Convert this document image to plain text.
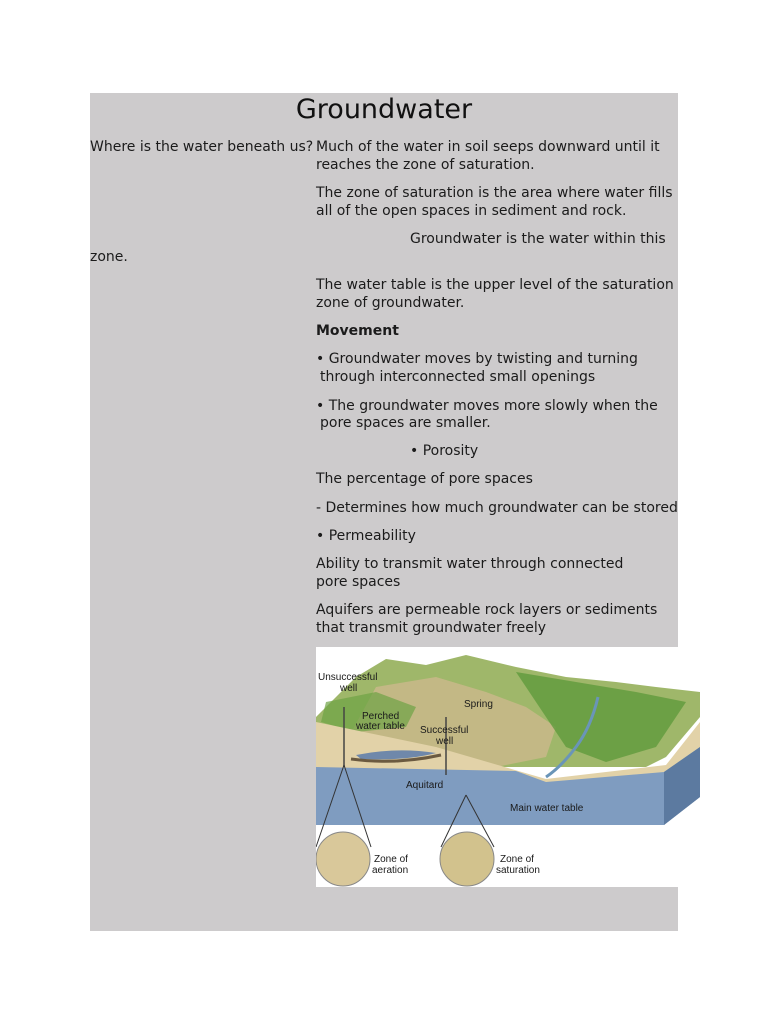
Groundwater
Where is the water beneath us? Much of the water in soil seeps downward until it
reaches the zone of saturation.
The zone of saturation is the area where water fills
all of the open spaces in sediment and rock.
Groundwater is the water within this
zone.
The water table is the upper level of the saturation
zone of groundwater.
Movement
• Groundwater moves by twisting and turning
through interconnected small openings
• The groundwater moves more slowly when the
pore spaces are smaller.
• Porosity
The percentage of pore spaces
- Determines how much groundwater can be stored
• Permeability
Ability to transmit water through connected
pore spaces
Aquifers are permeable rock layers or sediments
that transmit groundwater freely
Unsuccessful
well
Perched
water table Successful
well
Spring
Aquitard
Main water table
Zone of
aeration
Zone of
saturation
